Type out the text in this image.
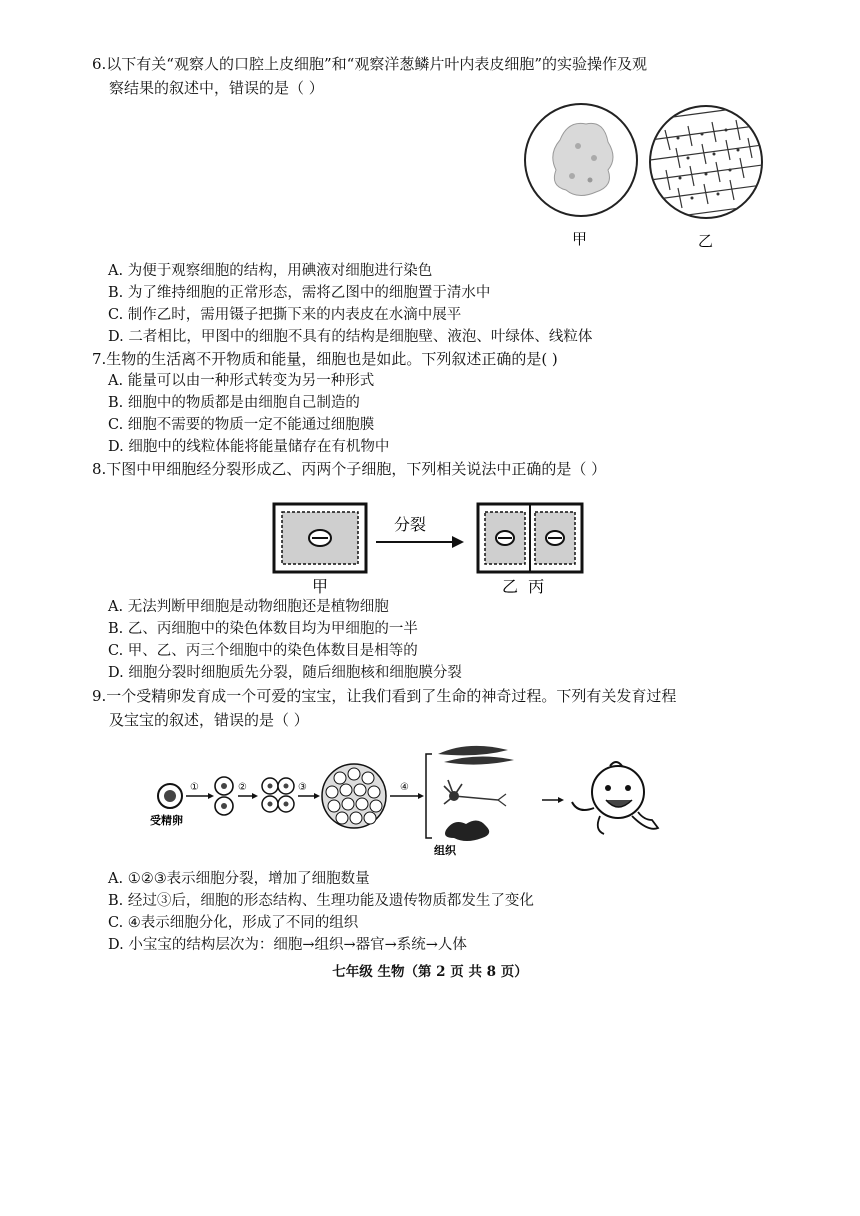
6.以下有关“观察人的口腔上皮细胞”和“观察洋葱鳞片叶内表皮细胞”的实验操作及观
察结果的叙述中，错误的是（ ）
甲	乙
A. 为便于观察细胞的结构，用碘液对细胞进行染色
B. 为了维持细胞的正常形态，需将乙图中的细胞置于清水中
C. 制作乙时，需用镊子把撕下来的内表皮在水滴中展平
D. 二者相比，甲图中的细胞不具有的结构是细胞壁、液泡、叶绿体、线粒体
7.生物的生活离不开物质和能量，细胞也是如此。下列叙述正确的是( )
A. 能量可以由一种形式转变为另一种形式
B. 细胞中的物质都是由细胞自己制造的
C. 细胞不需要的物质一定不能通过细胞膜
D. 细胞中的线粒体能将能量储存在有机物中
8.下图中甲细胞经分裂形成乙、丙两个子细胞，下列相关说法中正确的是（ ）
分裂
甲	乙  丙
A. 无法判断甲细胞是动物细胞还是植物细胞
B. 乙、丙细胞中的染色体数目均为甲细胞的一半
C. 甲、乙、丙三个细胞中的染色体数目是相等的
D. 细胞分裂时细胞质先分裂，随后细胞核和细胞膜分裂
9.一个受精卵发育成一个可爱的宝宝，让我们看到了生命的神奇过程。下列有关发育过程
及宝宝的叙述，错误的是（ ）
受精卵
①	②	③	④
组织
A. ①②③表示细胞分裂，增加了细胞数量
B. 经过③后，细胞的形态结构、生理功能及遗传物质都发生了变化
C. ④表示细胞分化，形成了不同的组织
D. 小宝宝的结构层次为：细胞→组织→器官→系统→人体
七年级 生物（第 2 页 共 8 页）
